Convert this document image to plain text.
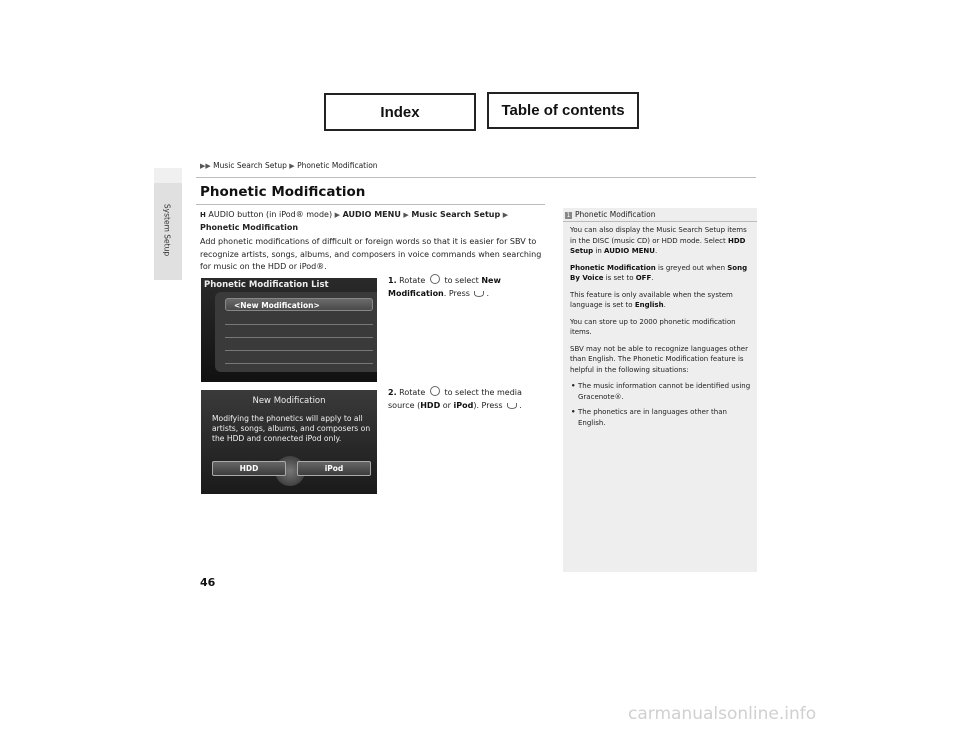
Index	Table of contents
System Setup
▶▶ Music Search Setup ▶ Phonetic Modification
Phonetic Modification
H AUDIO button (in iPod® mode) ▶ AUDIO MENU ▶ Music Search Setup ▶
Phonetic Modification
Add phonetic modifications of difficult or foreign words so that it is easier for SBV to recognize artists, songs, albums, and composers in voice commands when searching for music on the HDD or iPod®.
Phonetic Modification List
<New Modification>
1. Rotate to select New Modification. Press .
New Modification
Modifying the phonetics will apply to all artists, songs, albums, and composers on the HDD and connected iPod only.
HDD	iPod
2. Rotate to select the media source (HDD or iPod). Press .
1 Phonetic Modification

You can also display the Music Search Setup items in the DISC (music CD) or HDD mode. Select HDD Setup in AUDIO MENU.

Phonetic Modification is greyed out when Song By Voice is set to OFF.

This feature is only available when the system language is set to English.

You can store up to 2000 phonetic modification items.

SBV may not be able to recognize languages other than English. The Phonetic Modification feature is helpful in the following situations:

• The music information cannot be identified using Gracenote®.
• The phonetics are in languages other than English.
46
carmanualsonline.info
